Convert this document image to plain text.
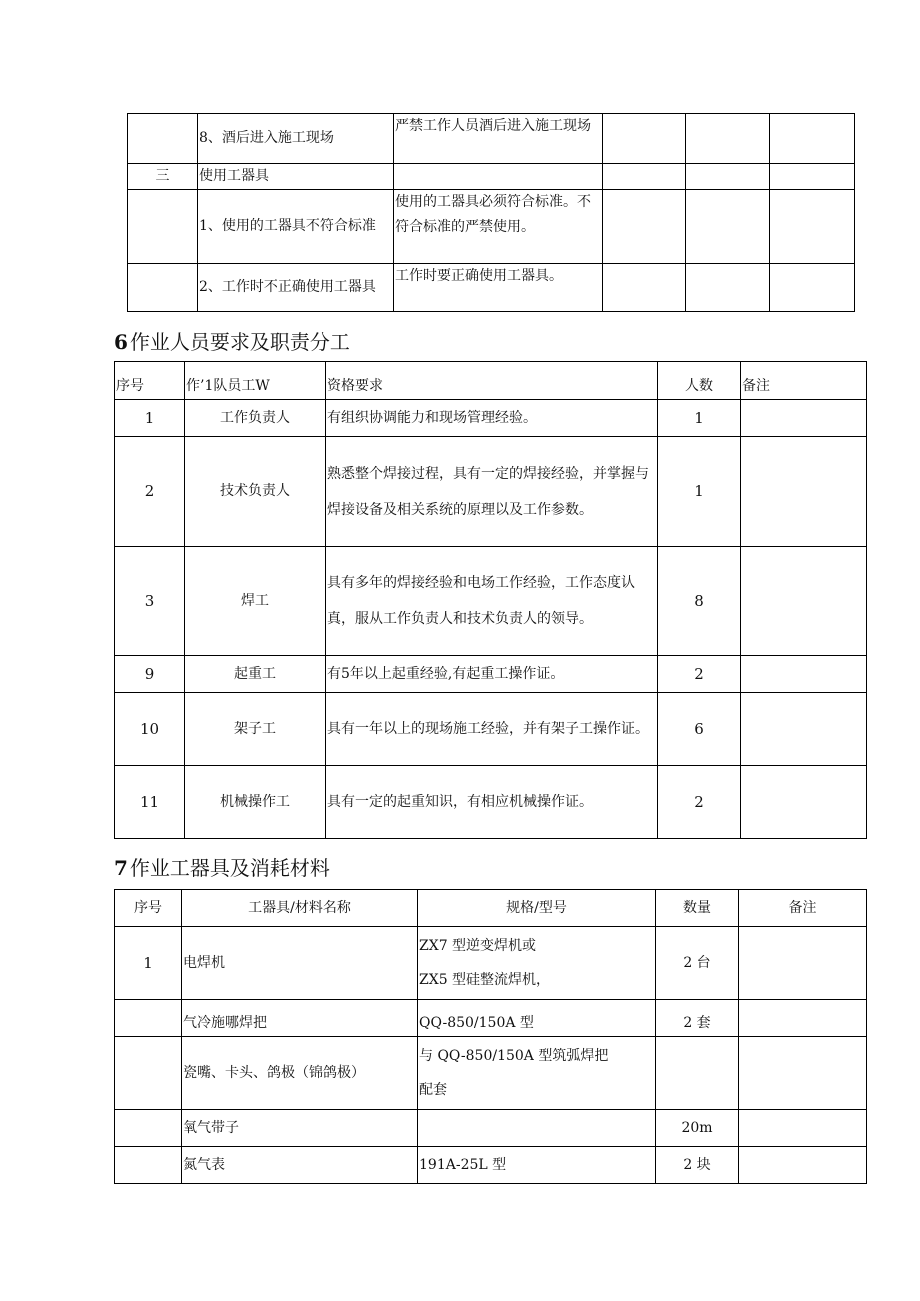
	8、酒后进入施工现场	严禁工作人员酒后进入施工现场			
三	使用工器具				
	1、使用的工器具不符合标准	使用的工器具必须符合标准。不符合标准的严禁使用。			
	2、工作时不正确使用工器具	工作时要正确使用工器具。			
6 作业人员要求及职责分工
序号	作’1队员工W	资格要求	人数	备注
1	工作负责人	有组织协调能力和现场管理经验。	1	
2	技术负责人	熟悉整个焊接过程，具有一定的焊接经验，并掌握与焊接设备及相关系统的原理以及工作参数。	1	
3	焊工	具有多年的焊接经验和电场工作经验，工作态度认真，服从工作负责人和技术负责人的领导。	8	
9	起重工	有5年以上起重经验,有起重工操作证。	2	
10	架子工	具有一年以上的现场施工经验，并有架子工操作证。	6	
11	机械操作工	具有一定的起重知识，有相应机械操作证。	2	
7 作业工器具及消耗材料
序号	工器具/材料名称	规格/型号	数量	备注
1	电焊机	ZX7 型逆变焊机或
ZX5 型硅整流焊机，	2 台	
	气冷施哪焊把	QQ-850/150A 型	2 套	
	瓷嘴、卡头、鸽极（锦鸽极）	与 QQ-850/150A 型筑弧焊把
配套		

	氧气带子		20m	
	氮气表	191A-25L 型	2 块	
